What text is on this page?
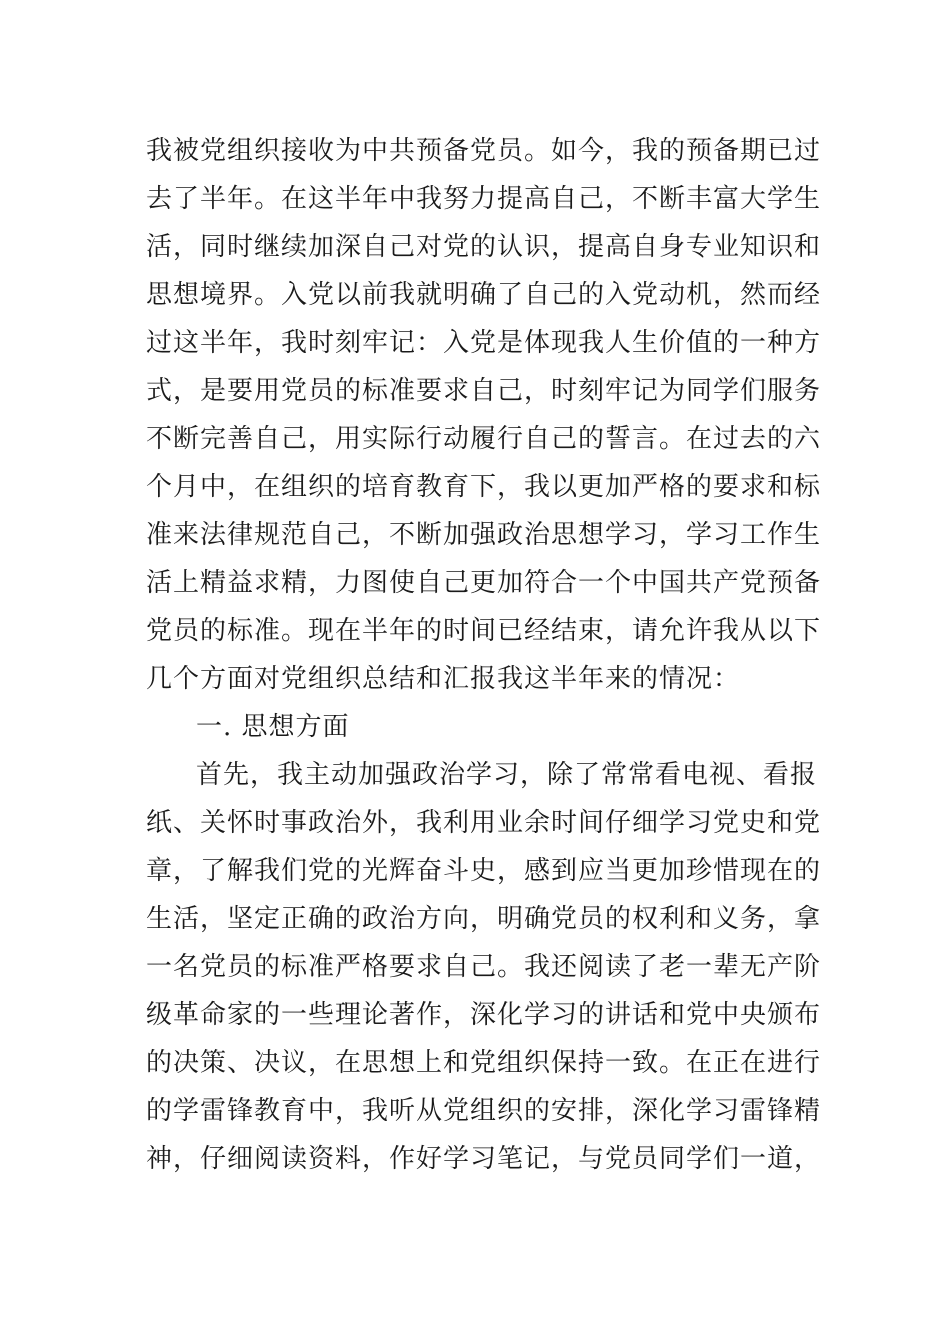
我被党组织接收为中共预备党员。如今，我的预备期已过
去了半年。在这半年中我努力提高自己，不断丰富大学生
活，同时继续加深自己对党的认识，提高自身专业知识和
思想境界。入党以前我就明确了自己的入党动机，然而经
过这半年，我时刻牢记：入党是体现我人生价值的一种方
式，是要用党员的标准要求自己，时刻牢记为同学们服务
不断完善自己，用实际行动履行自己的誓言。在过去的六
个月中，在组织的培育教育下，我以更加严格的要求和标
准来法律规范自己，不断加强政治思想学习，学习工作生
活上精益求精，力图使自己更加符合一个中国共产党预备
党员的标准。现在半年的时间已经结束，请允许我从以下
几个方面对党组织总结和汇报我这半年来的情况：
一. 思想方面
首先，我主动加强政治学习，除了常常看电视、看报
纸、关怀时事政治外，我利用业余时间仔细学习党史和党
章，了解我们党的光辉奋斗史，感到应当更加珍惜现在的
生活，坚定正确的政治方向，明确党员的权利和义务，拿
一名党员的标准严格要求自己。我还阅读了老一辈无产阶
级革命家的一些理论著作，深化学习的讲话和党中央颁布
的决策、决议，在思想上和党组织保持一致。在正在进行
的学雷锋教育中，我听从党组织的安排，深化学习雷锋精
神，仔细阅读资料，作好学习笔记，与党员同学们一道，
